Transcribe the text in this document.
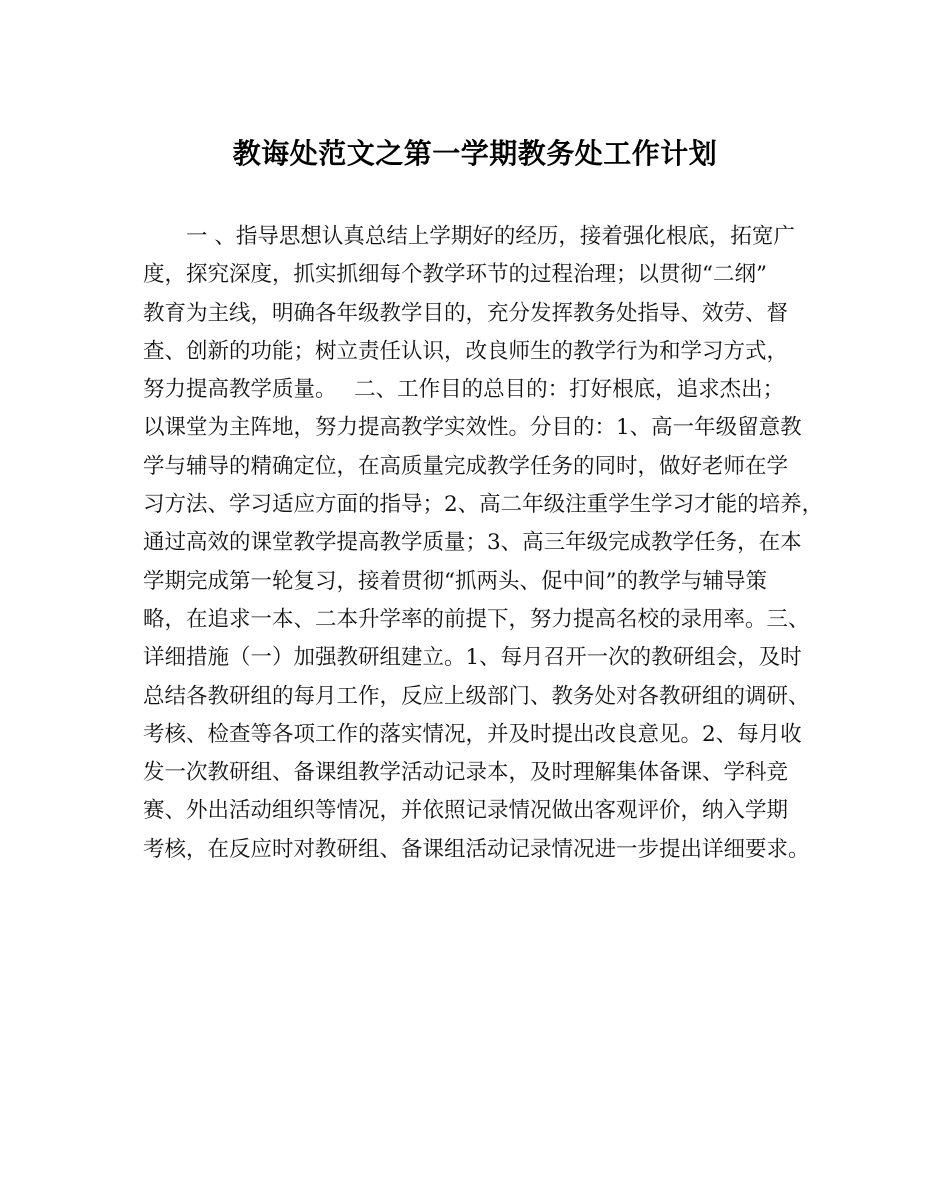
教诲处范文之第一学期教务处工作计划
　　一 、指导思想认真总结上学期好的经历，接着强化根底，拓宽广
度，探究深度，抓实抓细每个教学环节的过程治理；以贯彻“二纲”
教育为主线，明确各年级教学目的，充分发挥教务处指导、效劳、督
查、创新的功能；树立责任认识，改良师生的教学行为和学习方式，
努力提高教学质量。　 二、工作目的总目的：打好根底，追求杰出；
以课堂为主阵地，努力提高教学实效性。分目的：1、高一年级留意教
学与辅导的精确定位，在高质量完成教学任务的同时，做好老师在学
习方法、学习适应方面的指导；2、高二年级注重学生学习才能的培养，
通过高效的课堂教学提高教学质量；3、高三年级完成教学任务，在本
学期完成第一轮复习，接着贯彻“抓两头、促中间”的教学与辅导策
略，在追求一本、二本升学率的前提下，努力提高名校的录用率。三、
详细措施（一）加强教研组建立。1、每月召开一次的教研组会，及时
总结各教研组的每月工作，反应上级部门、教务处对各教研组的调研、
考核、检查等各项工作的落实情况，并及时提出改良意见。2、每月收
发一次教研组、备课组教学活动记录本，及时理解集体备课、学科竞
赛、外出活动组织等情况，并依照记录情况做出客观评价，纳入学期
考核，在反应时对教研组、备课组活动记录情况进一步提出详细要求。
